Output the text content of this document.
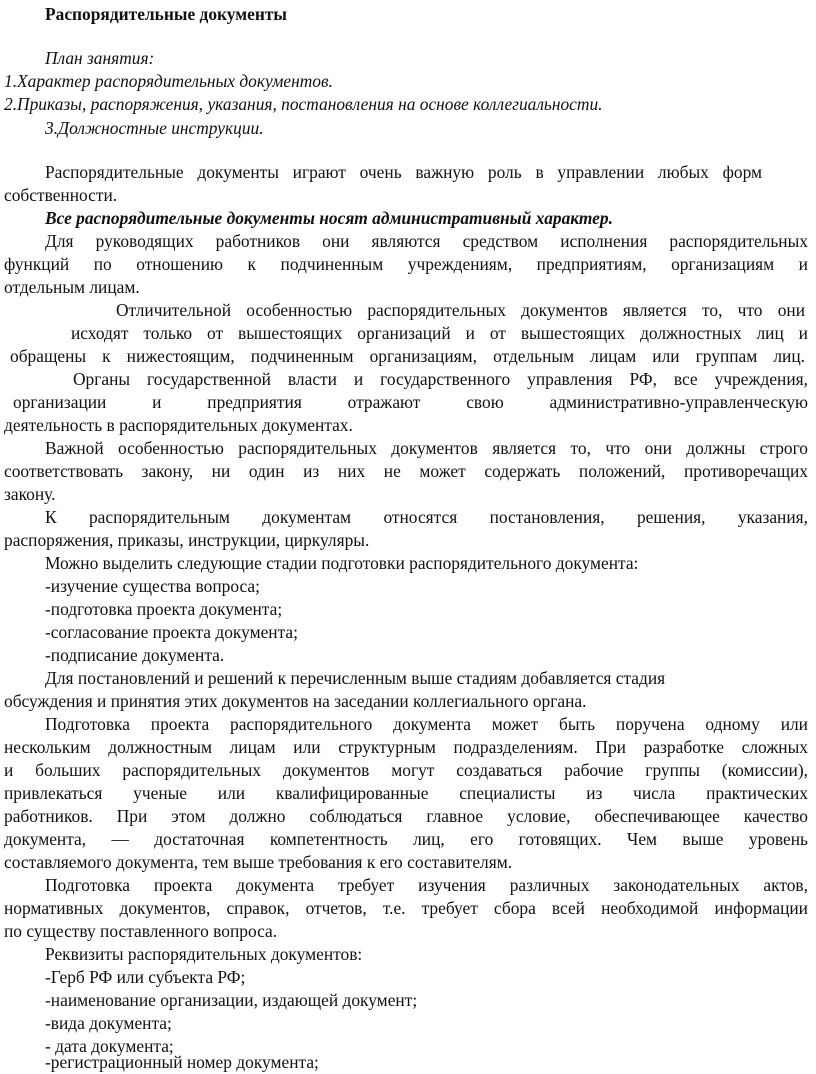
Распорядительные документы
План занятия:
1.Характер распорядительных документов.
2.Приказы, распоряжения, указания, постановления на основе коллегиальности.
3.Должностные инструкции.
Распорядительные документы играют очень важную роль в управлении любых форм
собственности.
Все распорядительные документы носят административный характер.
Для руководящих работников они являются средством исполнения распорядительных
функций по отношению к подчиненным учреждениям, предприятиям, организациям и
отдельным лицам.
Отличительной особенностью распорядительных документов является то, что они
исходят только от вышестоящих организаций и от вышестоящих должностных лиц и
обращены к нижестоящим, подчиненным организациям, отдельным лицам или группам лиц.
Органы государственной власти и государственного управления РФ, все учреждения,
организации и предприятия отражают свою административно-управленческую
деятельность в распорядительных документах.
Важной особенностью распорядительных документов является то, что они должны строго
соответствовать закону, ни один из них не может содержать положений, противоречащих
закону.
К распорядительным документам относятся постановления, решения, указания,
распоряжения, приказы, инструкции, циркуляры.
Можно выделить следующие стадии подготовки распорядительного документа:
-изучение существа вопроса;
-подготовка проекта документа;
-согласование проекта документа;
-подписание документа.
Для постановлений и решений к перечисленным выше стадиям добавляется стадия
обсуждения и принятия этих документов на заседании коллегиального органа.
Подготовка проекта распорядительного документа может быть поручена одному или
нескольким должностным лицам или структурным подразделениям. При разработке сложных
и больших распорядительных документов могут создаваться рабочие группы (комиссии),
привлекаться ученые или квалифицированные специалисты из числа практических
работников. При этом должно соблюдаться главное условие, обеспечивающее качество
документа, — достаточная компетентность лиц, его готовящих. Чем выше уровень
составляемого документа, тем выше требования к его составителям.
Подготовка проекта документа требует изучения различных законодательных актов,
нормативных документов, справок, отчетов, т.е. требует сбора всей необходимой информации
по существу поставленного вопроса.
Реквизиты распорядительных документов:
-Герб РФ или субъекта РФ;
-наименование организации, издающей документ;
-вида документа;
- дата документа;
-регистрационный номер документа;
